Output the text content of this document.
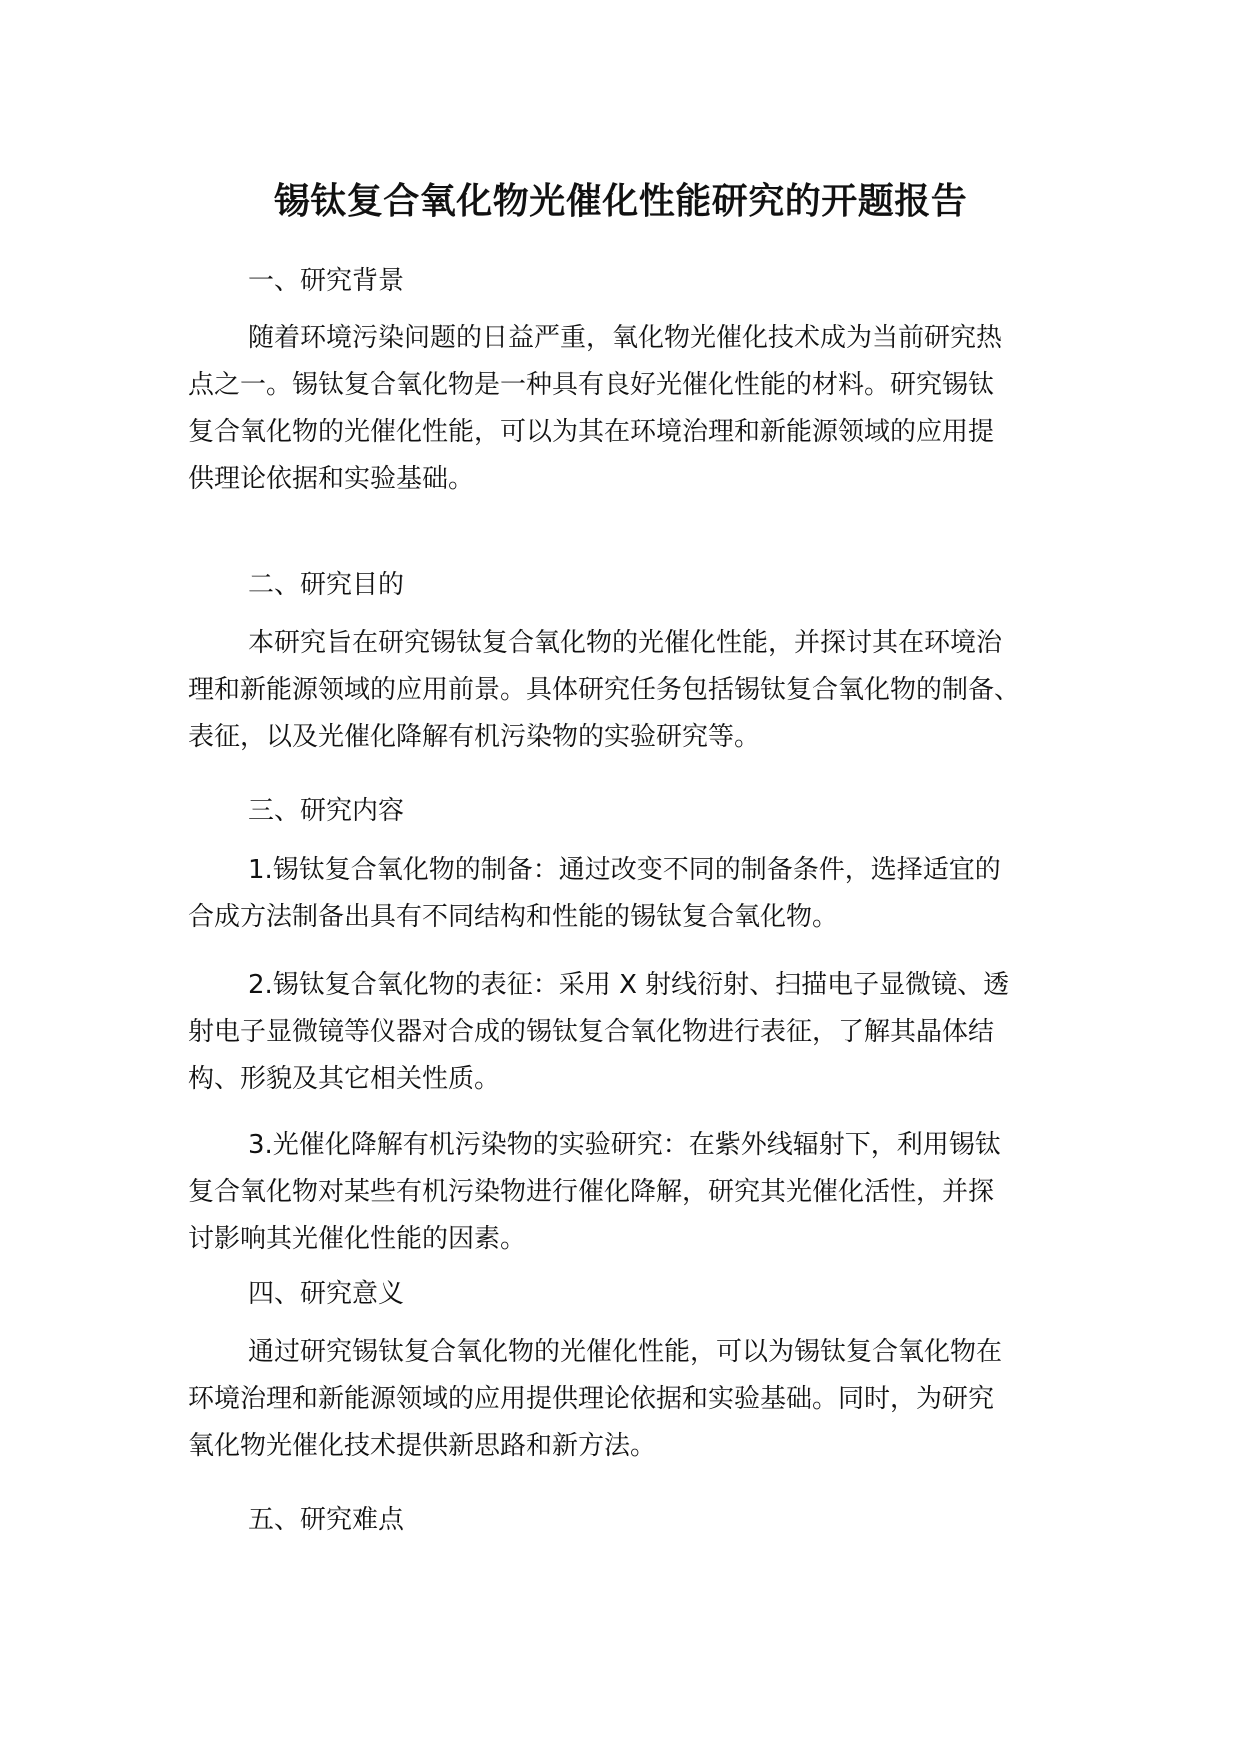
锡钛复合氧化物光催化性能研究的开题报告
一、研究背景
随着环境污染问题的日益严重，氧化物光催化技术成为当前研究热
点之一。锡钛复合氧化物是一种具有良好光催化性能的材料。研究锡钛
复合氧化物的光催化性能，可以为其在环境治理和新能源领域的应用提
供理论依据和实验基础。
二、研究目的
本研究旨在研究锡钛复合氧化物的光催化性能，并探讨其在环境治
理和新能源领域的应用前景。具体研究任务包括锡钛复合氧化物的制备、
表征，以及光催化降解有机污染物的实验研究等。
三、研究内容
1.锡钛复合氧化物的制备：通过改变不同的制备条件，选择适宜的
合成方法制备出具有不同结构和性能的锡钛复合氧化物。
2.锡钛复合氧化物的表征：采用 X 射线衍射、扫描电子显微镜、透
射电子显微镜等仪器对合成的锡钛复合氧化物进行表征，了解其晶体结
构、形貌及其它相关性质。
3.光催化降解有机污染物的实验研究：在紫外线辐射下，利用锡钛
复合氧化物对某些有机污染物进行催化降解，研究其光催化活性，并探
讨影响其光催化性能的因素。
四、研究意义
通过研究锡钛复合氧化物的光催化性能，可以为锡钛复合氧化物在
环境治理和新能源领域的应用提供理论依据和实验基础。同时，为研究
氧化物光催化技术提供新思路和新方法。
五、研究难点
